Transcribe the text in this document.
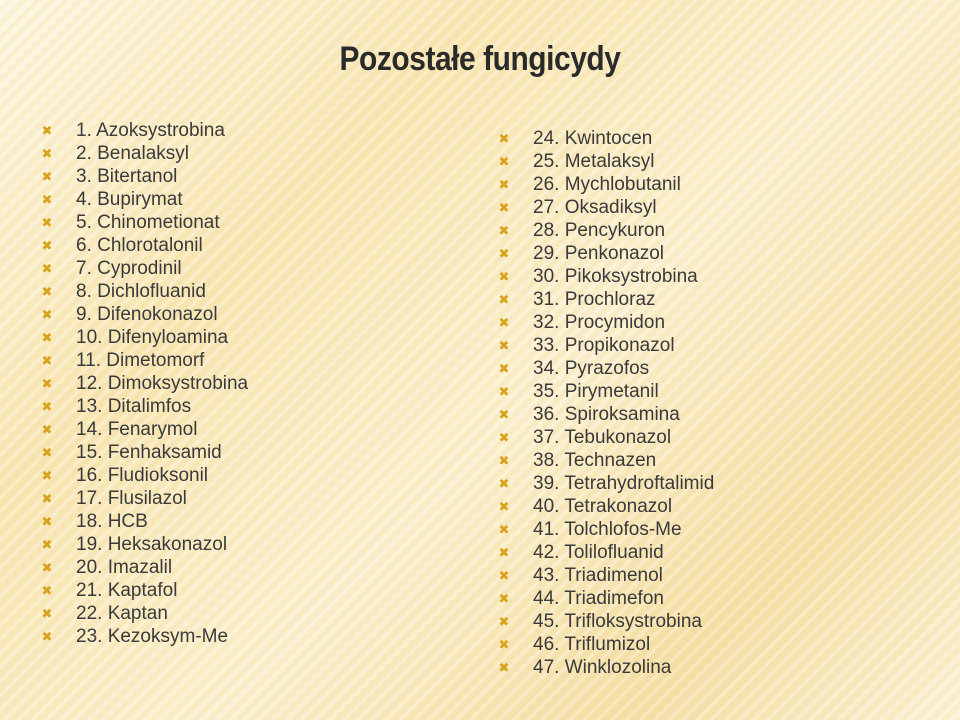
Pozostałe fungicydy
✖ 1. Azoksystrobina
✖ 2. Benalaksyl
✖ 3. Bitertanol
✖ 4. Bupirymat
✖ 5. Chinometionat
✖ 6. Chlorotalonil
✖ 7. Cyprodinil
✖ 8. Dichlofluanid
✖ 9. Difenokonazol
✖ 10. Difenyloamina
✖ 11. Dimetomorf
✖ 12. Dimoksystrobina
✖ 13. Ditalimfos
✖ 14. Fenarymol
✖ 15. Fenhaksamid
✖ 16. Fludioksonil
✖ 17. Flusilazol
✖ 18. HCB
✖ 19. Heksakonazol
✖ 20. Imazalil
✖ 21. Kaptafol
✖ 22. Kaptan
✖ 23. Kezoksym-Me
✖ 24. Kwintocen
✖ 25. Metalaksyl
✖ 26. Mychlobutanil
✖ 27. Oksadiksyl
✖ 28. Pencykuron
✖ 29. Penkonazol
✖ 30. Pikoksystrobina
✖ 31. Prochloraz
✖ 32. Procymidon
✖ 33. Propikonazol
✖ 34. Pyrazofos
✖ 35. Pirymetanil
✖ 36. Spiroksamina
✖ 37. Tebukonazol
✖ 38. Technazen
✖ 39. Tetrahydroftalimid
✖ 40. Tetrakonazol
✖ 41. Tolchlofos-Me
✖ 42. Tolilofluanid
✖ 43. Triadimenol
✖ 44. Triadimefon
✖ 45. Trifloksystrobina
✖ 46. Triflumizol
✖ 47. Winklozolina
